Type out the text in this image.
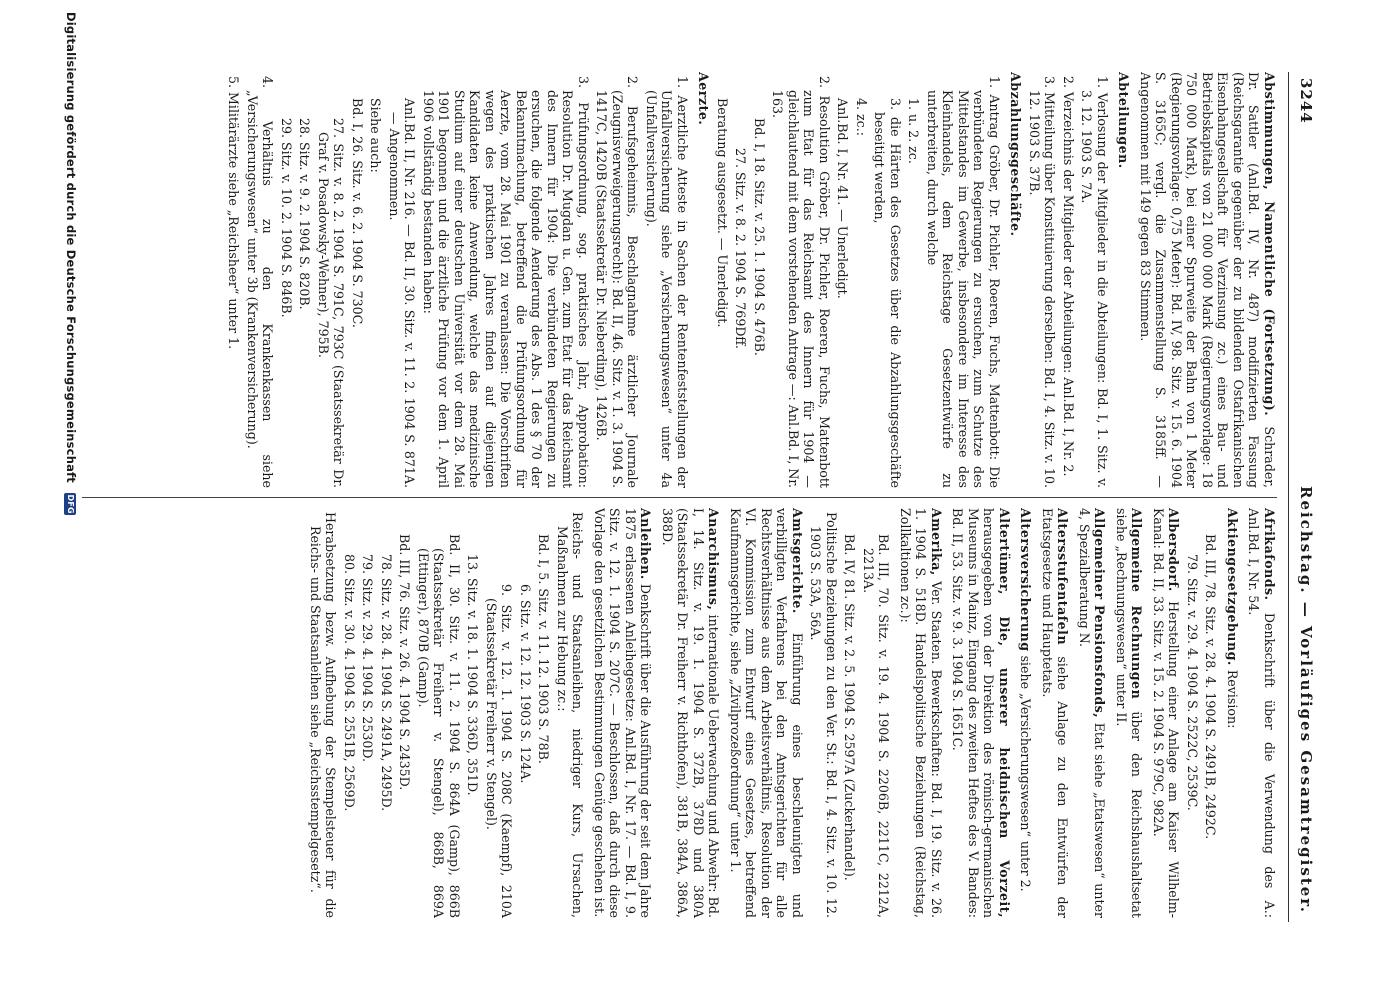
3244
Reichstag. — Vorläufiges Gesamtregister.

Abstimmungen, Namentliche (Fortsetzung). Schrader, Dr. Sattler (Anl.Bd. IV, Nr. 487) modifizierten Fassung (Reichsgarantie gegenüber der zu bildenden Ostafrikanischen Eisenbahngesellschaft für Verzinsung zc.) eines Bau- und Betriebskapitals von 21 000 000 Mark (Regierungsvorlage: 18 750 000 Mark), bei einer Spurweite der Bahn von 1 Meter (Regierungsvorlage: 0,75 Meter): Bd. IV, 98. Sitz. v. 15. 6. 1904 S. 3165C; vergl. die Zusammenstellung S. 3185ff. — Angenommen mit 149 gegen 83 Stimmen.

Abteilungen.

1. Verlosung der Mitglieder in die Abteilungen: Bd. I, 1. Sitz. v. 3. 12. 1903 S. 7A.

2. Verzeichnis der Mitglieder der Abteilungen: Anl.Bd. I, Nr. 2.

3. Mitteilung über Konstituierung derselben: Bd. I, 4. Sitz. v. 10. 12. 1903 S. 37B.

Abzahlungsgeschäfte.

1. Antrag Gröber, Dr. Pichler, Roeren, Fuchs, Mattenbott: Die verbündeten Regierungen zu ersuchen, zum Schutze des Mittelstandes im Gewerbe, insbesondere im Interesse des Kleinhandels, dem Reichstage Gesetzentwürfe zu unterbreiten, durch welche

1. u. 2. zc.

3. die Härten des Gesetzes über die Abzahlungsgeschäfte beseitigt werden,

4. zc.:

Anl.Bd. I, Nr. 41. — Unerledigt.

2. Resolution Gröber, Dr. Pichler, Roeren, Fuchs, Mattenbott zum Etat für das Reichsamt des Innern für 1904 — gleichlautend mit dem vorstehenden Antrage —: Anl.Bd. I, Nr. 163.

Bd. I, 18. Sitz. v. 25. 1. 1904 S. 476B.

27. Sitz. v. 8. 2. 1904 S. 769Dff.

Beratung ausgesetzt. — Unerledigt.

Aerzte.

1. Aerztliche Atteste in Sachen der Rentenfeststellungen der Unfallversicherung siehe „Versicherungswesen“ unter 4a (Unfallversicherung).

2. Berufsgeheimnis, Beschlagnahme ärztlicher Journale (Zeugnisverweigerungsrecht): Bd. II, 46. Sitz. v. 1. 3. 1904 S. 1417C, 1420B (Staatssekretär Dr. Nieberding), 1426B.

3. Prüfungsordnung, sog. praktisches Jahr, Approbation: Resolution Dr. Mugdan u. Gen. zum Etat für das Reichsamt des Innern für 1904: Die verbündeten Regierungen zu ersuchen, die folgende Aenderung des Abs. 1 des § 70 der Bekanntmachung, betreffend die Prüfungsordnung für Aerzte, vom 28. Mai 1901 zu veranlassen: Die Vorschriften wegen des praktischen Jahres finden auf diejenigen Kandidaten keine Anwendung, welche das medizinische Studium auf einer deutschen Universität vor dem 28. Mai 1901 begonnen und die ärztliche Prüfung vor dem 1. April 1906 vollständig bestanden haben:

Anl.Bd. II, Nr. 216. — Bd. II, 30. Sitz. v. 11. 2. 1904 S. 871A. — Angenommen.

Siehe auch:

Bd. I, 26. Sitz. v. 6. 2. 1904 S. 730C.

27. Sitz. v. 8. 2. 1904 S. 791C, 793C (Staatssekretär Dr. Graf v. Posadowsky-Wehner), 795B.

28. Sitz. v. 9. 2. 1904 S. 820B.

29. Sitz. v. 10. 2. 1904 S. 846B.

4. Verhältnis zu den Krankenkassen siehe „Versicherungswesen“ unter 3b (Krankenversicherung).

5. Militärärzte siehe „Reichsheer“ unter 1.

Afrikafonds. Denkschrift über die Verwendung des A.: Anl.Bd. I, Nr. 54.

Aktiengesetzgebung. Revision:

Bd. III, 78. Sitz. v. 28. 4. 1904 S. 2491B, 2492C.

79. Sitz. v. 29. 4. 1904 S. 2522C, 2539C.

Albersdorf. Herstellung einer Anlage am Kaiser Wilhelm-Kanal: Bd. II, 33. Sitz. v. 15. 2. 1904 S. 979C, 982A.

Allgemeine Rechnungen über den Reichshaushaltsetat siehe „Rechnungswesen“ unter II.

Allgemeiner Pensionsfonds, Etat siehe „Etatswesen“ unter 4, Spezialberatung N.

Altersstufentafeln siehe Anlage zu den Entwürfen der Etatsgesetze und Hauptetats.

Altersversicherung siehe „Versicherungswesen“ unter 2.

Altertümer, Die, unserer heidnischen Vorzeit, herausgegeben von der Direktion des römisch-germanischen Museums in Mainz, Eingang des zweiten Heftes des V. Bandes: Bd. II, 53. Sitz. v. 9. 3. 1904 S. 1651C.

Amerika, Ver. Staaten. Bewerkschaften: Bd. I, 19. Sitz. v. 26. 1. 1904 S. 518D. Handelspolitische Beziehungen (Reichstag, Zollkaltionen zc.):

Bd. III, 70. Sitz. v. 19. 4. 1904 S. 2206B, 2211C, 2212A, 2213A.

Bd. IV, 81. Sitz. v. 2. 5. 1904 S. 2597A (Zuckerhandel).

Politische Beziehungen zu den Ver. St.: Bd. I, 4. Sitz. v. 10. 12. 1903 S. 53A, 56A.

Amtsgerichte. Einführung eines beschleunigten und verbilligten Verfahrens bei den Amtsgerichten für alle Rechtsverhältnisse aus dem Arbeitsverhältnis, Resolution der VI. Kommission zum Entwurf eines Gesetzes, betreffend Kaufmannsgerichte, siehe „Zivilprozeßordnung“ unter 1.

Anarchismus, internationale Ueberwachung und Abwehr: Bd. I, 14. Sitz. v. 19. 1. 1904 S. 372B, 378D und 380A (Staatssekretär Dr. Freiherr v. Richthofen), 381B, 384A, 386A, 388D.

Anleihen. Denkschrift über die Ausführung der seit dem Jahre 1875 erlassenen Anleihegesetze: Anl.Bd. I, Nr. 17. — Bd. I, 9. Sitz. v. 12. 1. 1904 S. 207C. — Beschlossen, daß durch diese Vorlage den gesetzlichen Bestimmungen Genüge geschehen ist.

Reichs- und Staatsanleihen, niedriger Kurs, Ursachen, Maßnahmen zur Hebung zc.:

Bd. I, 5. Sitz. v. 11. 12. 1903 S. 78B.

6. Sitz. v. 12. 12. 1903 S. 124A.

9. Sitz. v. 12. 1. 1904 S. 208C (Kaempf), 210A (Staatssekretär Freiherr v. Stengel).

13. Sitz. v. 18. 1. 1904 S. 336D, 351D.

Bd. II, 30. Sitz. v. 11. 2. 1904 S. 864A (Gamp), 866B (Staatssekretär Freiherr v. Stengel), 868B, 869A (Ettinger), 870B (Gamp).

Bd. III, 76. Sitz. v. 26. 4. 1904 S. 2435D.

78. Sitz. v. 28. 4. 1904 S. 2491A, 2495D.

79. Sitz. v. 29. 4. 1904 S. 2530D.

80. Sitz. v. 30. 4. 1904 S. 2551B, 2569D.

Herabsetzung bezw. Aufhebung der Stempelsteuer für die Reichs- und Staatsanleihen siehe „Reichsstempelgesetz“.

Digitalisierung gefördert durch die Deutsche Forschungsgemeinschaft DFG
